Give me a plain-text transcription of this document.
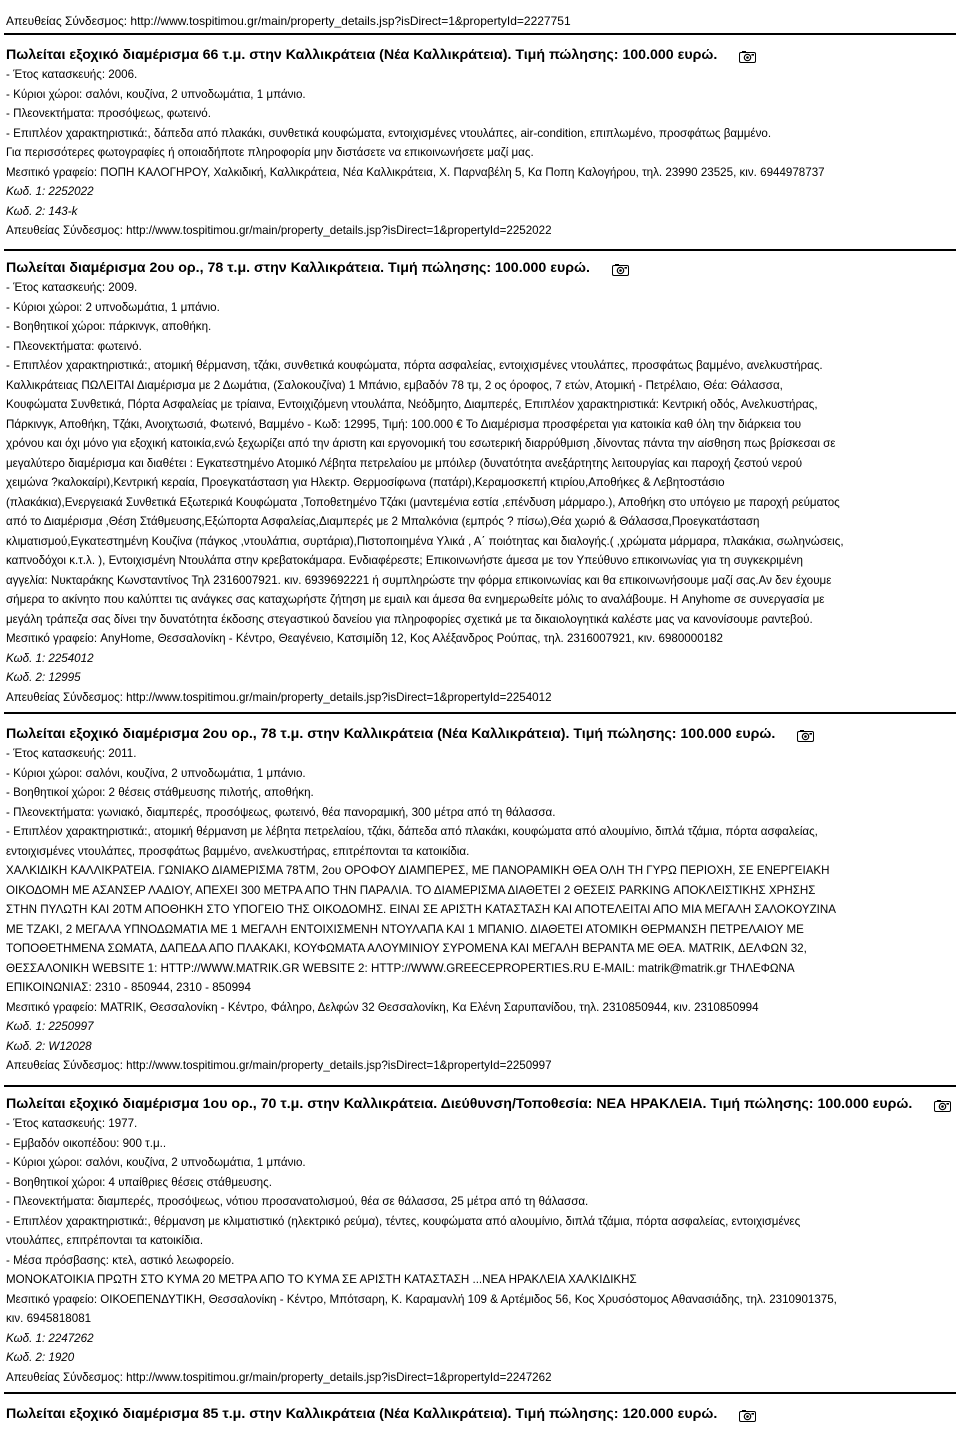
Απευθείας Σύνδεσμος: http://www.tospitimou.gr/main/property_details.jsp?isDirect=1&propertyId=2227751
Πωλείται εξοχικό διαμέρισμα 66 τ.μ. στην Καλλικράτεια (Νέα Καλλικράτεια). Τιμή πώλησης: 100.000 ευρώ.
- Έτος κατασκευής: 2006.
- Κύριοι χώροι: σαλόνι, κουζίνα, 2 υπνοδωμάτια, 1 μπάνιο.
- Πλεονεκτήματα: προσόψεως, φωτεινό.
- Επιπλέον χαρακτηριστικά:, δάπεδα από πλακάκι, συνθετικά κουφώματα, εντοιχισμένες ντουλάπες, air-condition, επιπλωμένο, προσφάτως βαμμένο.
Για περισσότερες φωτογραφίες ή οποιαδήποτε πληροφορία μην διστάσετε να επικοινωνήσετε μαζί μας.
Μεσιτικό γραφείο: ΠΟΠΗ ΚΑΛΟΓΗΡΟΥ, Χαλκιδική, Καλλικράτεια, Νέα Καλλικράτεια, Χ. Παρναβέλη 5, Κα Ποπη Καλογήρου, τηλ. 23990 23525, κιν. 6944978737
Κωδ. 1: 2252022
Κωδ. 2: 143-k
Απευθείας Σύνδεσμος: http://www.tospitimou.gr/main/property_details.jsp?isDirect=1&propertyId=2252022
Πωλείται διαμέρισμα 2ου ορ., 78 τ.μ. στην Καλλικράτεια. Τιμή πώλησης: 100.000 ευρώ.
- Έτος κατασκευής: 2009.
- Κύριοι χώροι: 2 υπνοδωμάτια, 1 μπάνιο.
- Βοηθητικοί χώροι: πάρκινγκ, αποθήκη.
- Πλεονεκτήματα: φωτεινό.
- Επιπλέον χαρακτηριστικά:, ατομική θέρμανση, τζάκι, συνθετικά κουφώματα, πόρτα ασφαλείας, εντοιχισμένες ντουλάπες, προσφάτως βαμμένο, ανελκυστήρας.
Καλλικράτειας ΠΩΛΕΙΤΑΙ Διαμέρισμα με 2 Δωμάτια, (Σαλοκουζίνα) 1 Μπάνιο, εμβαδόν 78 τμ, 2 ος όροφος, 7 ετών, Ατομική - Πετρέλαιο, Θέα: Θάλασσα,
Κουφώματα Συνθετικά, Πόρτα Ασφαλείας με τρίαινα, Εντοιχιζόμενη ντουλάπα, Νεόδμητο, Διαμπερές, Επιπλέον χαρακτηριστικά: Κεντρική οδός, Ανελκυστήρας,
Πάρκινγκ, Αποθήκη, Τζάκι, Ανοιχτωσιά, Φωτεινό, Βαμμένο - Κωδ: 12995, Τιμή: 100.000 € Το Διαμέρισμα προσφέρεται για κατοικία καθ όλη την διάρκεια του
χρόνου και όχι μόνο για εξοχική κατοικία,ενώ ξεχωρίζει από την άριστη και εργονομική του εσωτερική διαρρύθμιση ,δίνοντας πάντα την αίσθηση πως βρίσκεσαι σε
μεγαλύτερο διαμέρισμα και διαθέτει : Εγκατεστημένο Ατομικό Λέβητα πετρελαίου με μπόιλερ (δυνατότητα ανεξάρτητης λειτουργίας και παροχή ζεστού νερού
χειμώνα ?καλοκαίρι),Κεντρική κεραία, Προεγκατάσταση για Ηλεκτρ. Θερμοσίφωνα (πατάρι),Κεραμοσκεπή κτιρίου,Αποθήκες & Λεβητοστάσιο
(πλακάκια),Ενεργειακά Συνθετικά Εξωτερικά Κουφώματα ,Τοποθετημένο Τζάκι (μαντεμένια εστία ,επένδυση μάρμαρο.), Αποθήκη στο υπόγειο με παροχή ρεύματος
από το Διαμέρισμα ,Θέση Στάθμευσης,Εξώπορτα Ασφαλείας,Διαμπερές με 2 Μπαλκόνια (εμπρός ? πίσω),Θέα χωριό & Θάλασσα,Προεγκατάσταση
κλιματισμού,Εγκατεστημένη Κουζίνα (πάγκος ,ντουλάπια, συρτάρια),Πιστοποιημένα Υλικά , Α΄ ποιότητας και διαλογής.( ,χρώματα μάρμαρα, πλακάκια, σωληνώσεις,
καπνοδόχοι κ.τ.λ. ), Εντοιχισμένη Ντουλάπα στην κρεβατοκάμαρα. Ενδιαφέρεστε; Επικοινωνήστε άμεσα με τον Υπεύθυνο επικοινωνίας για τη συγκεκριμένη
αγγελία: Νυκταράκης Κωνσταντίνος Τηλ 2316007921. κιν. 6939692221 ή συμπληρώστε την φόρμα επικοινωνίας και θα επικοινωνήσουμε μαζί σας.Αν δεν έχουμε
σήμερα το ακίνητο που καλύπτει τις ανάγκες σας καταχωρήστε ζήτηση με εμαιλ και άμεσα θα ενημερωθείτε μόλις το αναλάβουμε. Η Anyhome σε συνεργασία με
μεγάλη τράπεζα σας δίνει την δυνατότητα έκδοσης στεγαστικού δανείου για πληροφορίες σχετικά με τα δικαιολογητικά καλέστε μας να κανονίσουμε ραντεβού.
Μεσιτικό γραφείο: AnyHome, Θεσσαλονίκη - Κέντρο, Θεαγένειο, Κατσιμίδη 12, Κος Αλέξανδρος Ρούπας, τηλ. 2316007921, κιν. 6980000182
Κωδ. 1: 2254012
Κωδ. 2: 12995
Απευθείας Σύνδεσμος: http://www.tospitimou.gr/main/property_details.jsp?isDirect=1&propertyId=2254012
Πωλείται εξοχικό διαμέρισμα 2ου ορ., 78 τ.μ. στην Καλλικράτεια (Νέα Καλλικράτεια). Τιμή πώλησης: 100.000 ευρώ.
- Έτος κατασκευής: 2011.
- Κύριοι χώροι: σαλόνι, κουζίνα, 2 υπνοδωμάτια, 1 μπάνιο.
- Βοηθητικοί χώροι: 2 θέσεις στάθμευσης πιλοτής, αποθήκη.
- Πλεονεκτήματα: γωνιακό, διαμπερές, προσόψεως, φωτεινό, θέα πανοραμική, 300 μέτρα από τη θάλασσα.
- Επιπλέον χαρακτηριστικά:, ατομική θέρμανση με λέβητα πετρελαίου, τζάκι, δάπεδα από πλακάκι, κουφώματα από αλουμίνιο, διπλά τζάμια, πόρτα ασφαλείας,
εντοιχισμένες ντουλάπες, προσφάτως βαμμένο, ανελκυστήρας, επιτρέπονται τα κατοικίδια.
ΧΑΛΚΙΔΙΚΗ ΚΑΛΛΙΚΡΑΤΕΙΑ. ΓΩΝΙΑΚΟ ΔΙΑΜΕΡΙΣΜΑ 78ΤΜ, 2ου ΟΡΟΦΟΥ ΔΙΑΜΠΕΡΕΣ, ΜΕ ΠΑΝΟΡΑΜΙΚΗ ΘΕΑ ΟΛΗ ΤΗ ΓΥΡΩ ΠΕΡΙΟΧΗ, ΣΕ ΕΝΕΡΓΕΙΑΚΗ
ΟΙΚΟΔΟΜΗ ΜΕ ΑΣΑΝΣΕΡ ΛΑΔΙΟΥ, ΑΠΕΧΕΙ 300 ΜΕΤΡΑ ΑΠΟ ΤΗΝ ΠΑΡΑΛΙΑ. ΤΟ ΔΙΑΜΕΡΙΣΜΑ ΔΙΑΘΕΤΕΙ 2 ΘΕΣΕΙΣ PARKING ΑΠΟΚΛΕΙΣΤΙΚΗΣ ΧΡΗΣΗΣ
ΣΤΗΝ ΠΥΛΩΤΗ ΚΑΙ 20ΤΜ ΑΠΟΘΗΚΗ ΣΤΟ ΥΠΟΓΕΙΟ ΤΗΣ ΟΙΚΟΔΟΜΗΣ. ΕΙΝΑΙ ΣΕ ΑΡΙΣΤΗ ΚΑΤΑΣΤΑΣΗ ΚΑΙ ΑΠΟΤΕΛΕΙΤΑΙ ΑΠΟ ΜΙΑ ΜΕΓΑΛΗ ΣΑΛΟΚΟΥΖΙΝΑ
ΜΕ ΤΖΑΚΙ, 2 ΜΕΓΑΛΑ ΥΠΝΟΔΩΜΑΤΙΑ ΜΕ 1 ΜΕΓΑΛΗ ΕΝΤΟΙΧΙΣΜΕΝΗ ΝΤΟΥΛΑΠΑ ΚΑΙ 1 ΜΠΑΝΙΟ. ΔΙΑΘΕΤΕΙ ΑΤΟΜΙΚΗ ΘΕΡΜΑΝΣΗ ΠΕΤΡΕΛΑΙΟΥ ΜΕ
ΤΟΠΟΘΕΤΗΜΕΝΑ ΣΩΜΑΤΑ, ΔΑΠΕΔΑ ΑΠΟ ΠΛΑΚΑΚΙ, ΚΟΥΦΩΜΑΤΑ ΑΛΟΥΜΙΝΙΟΥ ΣΥΡΟΜΕΝΑ ΚΑΙ ΜΕΓΑΛΗ ΒΕΡΑΝΤΑ ΜΕ ΘΕΑ. MATRIK, ΔΕΛΦΩΝ 32,
ΘΕΣΣΑΛΟΝΙΚΗ WEBSITE 1: HTTP://WWW.MATRIK.GR WEBSITE 2: HTTP://WWW.GREECEPROPERTIES.RU E-MAIL: matrik@matrik.gr ΤΗΛΕΦΩΝΑ
ΕΠΙΚΟΙΝΩΝΙΑΣ: 2310 - 850944, 2310 - 850994
Μεσιτικό γραφείο: MATRIK, Θεσσαλονίκη - Κέντρο, Φάληρο, Δελφών 32 Θεσσαλονίκη, Κα Ελένη Σαρυπανίδου, τηλ. 2310850944, κιν. 2310850994
Κωδ. 1: 2250997
Κωδ. 2: W12028
Απευθείας Σύνδεσμος: http://www.tospitimou.gr/main/property_details.jsp?isDirect=1&propertyId=2250997
Πωλείται εξοχικό διαμέρισμα 1ου ορ., 70 τ.μ. στην Καλλικράτεια. Διεύθυνση/Τοποθεσία: ΝΕΑ ΗΡΑΚΛΕΙΑ. Τιμή πώλησης: 100.000 ευρώ.
- Έτος κατασκευής: 1977.
- Εμβαδόν οικοπέδου: 900 τ.μ..
- Κύριοι χώροι: σαλόνι, κουζίνα, 2 υπνοδωμάτια, 1 μπάνιο.
- Βοηθητικοί χώροι: 4 υπαίθριες θέσεις στάθμευσης.
- Πλεονεκτήματα: διαμπερές, προσόψεως, νότιου προσανατολισμού, θέα σε θάλασσα, 25 μέτρα από τη θάλασσα.
- Επιπλέον χαρακτηριστικά:, θέρμανση με κλιματιστικό (ηλεκτρικό ρεύμα), τέντες, κουφώματα από αλουμίνιο, διπλά τζάμια, πόρτα ασφαλείας, εντοιχισμένες
ντουλάπες, επιτρέπονται τα κατοικίδια.
- Μέσα πρόσβασης: κτελ, αστικό λεωφορείο.
ΜΟΝΟΚΑΤΟΙΚΙΑ ΠΡΩΤΗ ΣΤΟ ΚΥΜΑ 20 ΜΕΤΡΑ ΑΠΟ ΤΟ ΚΥΜΑ ΣΕ ΑΡΙΣΤΗ ΚΑΤΑΣΤΑΣΗ ...ΝΕΑ ΗΡΑΚΛΕΙΑ ΧΑΛΚΙΔΙΚΗΣ
Μεσιτικό γραφείο: ΟΙΚΟΕΠΕΝΔΥΤΙΚΗ, Θεσσαλονίκη - Κέντρο, Μπότσαρη, Κ. Καραμανλή 109 & Αρτέμιδος 56, Κος Χρυσόστομος Αθανασιάδης, τηλ. 2310901375,
κιν. 6945818081
Κωδ. 1: 2247262
Κωδ. 2: 1920
Απευθείας Σύνδεσμος: http://www.tospitimou.gr/main/property_details.jsp?isDirect=1&propertyId=2247262
Πωλείται εξοχικό διαμέρισμα 85 τ.μ. στην Καλλικράτεια (Νέα Καλλικράτεια). Τιμή πώλησης: 120.000 ευρώ.
